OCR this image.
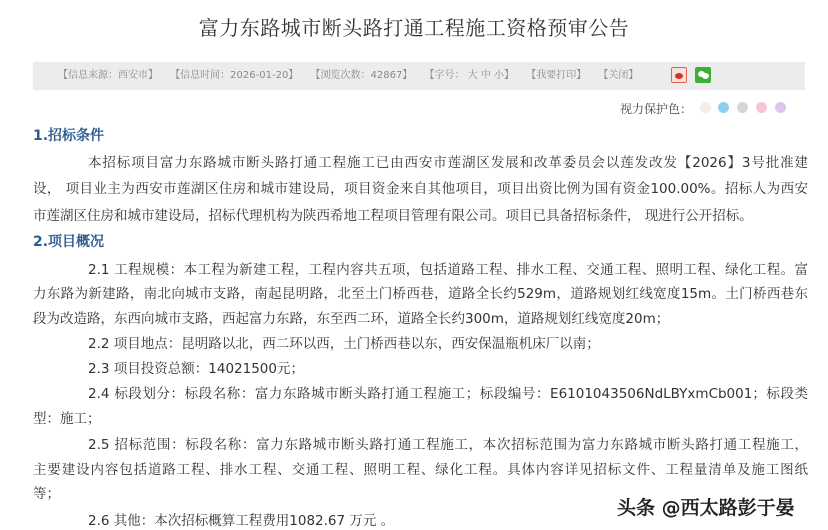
富力东路城市断头路打通工程施工资格预审公告
【信息来源：西安市】 【信息时间：2026-01-20】 【浏览次数：42867】 【字号： 大 中 小】 【我要打印】 【关闭】
视力保护色：
1.招标条件
本招标项目富力东路城市断头路打通工程施工已由西安市莲湖区发展和改革委员会以莲发改发【2026】3号批准建
设， 项目业主为西安市莲湖区住房和城市建设局，项目资金来自其他项目，项目出资比例为国有资金100.00%。招标人为西安
市莲湖区住房和城市建设局，招标代理机构为陕西希地工程项目管理有限公司。项目已具备招标条件， 现进行公开招标。
2.项目概况
2.1 工程规模：本工程为新建工程，工程内容共五项，包括道路工程、排水工程、交通工程、照明工程、绿化工程。富
力东路为新建路，南北向城市支路，南起昆明路，北至土门桥西巷，道路全长约529m，道路规划红线宽度15m。土门桥西巷东
段为改造路，东西向城市支路，西起富力东路，东至西二环，道路全长约300m，道路规划红线宽度20m；
2.2 项目地点：昆明路以北，西二环以西，土门桥西巷以东，西安保温瓶机床厂以南；
2.3 项目投资总额：14021500元；
2.4 标段划分：标段名称：富力东路城市断头路打通工程施工；标段编号：E6101043506NdLBYxmCb001；标段类
型：施工；
2.5 招标范围：标段名称：富力东路城市断头路打通工程施工，本次招标范围为富力东路城市断头路打通工程施工，
主要建设内容包括道路工程、排水工程、交通工程、照明工程、绿化工程。具体内容详见招标文件、工程量清单及施工图纸
等；
2.6 其他：本次招标概算工程费用1082.67 万元 。
头条 @西太路彭于晏
